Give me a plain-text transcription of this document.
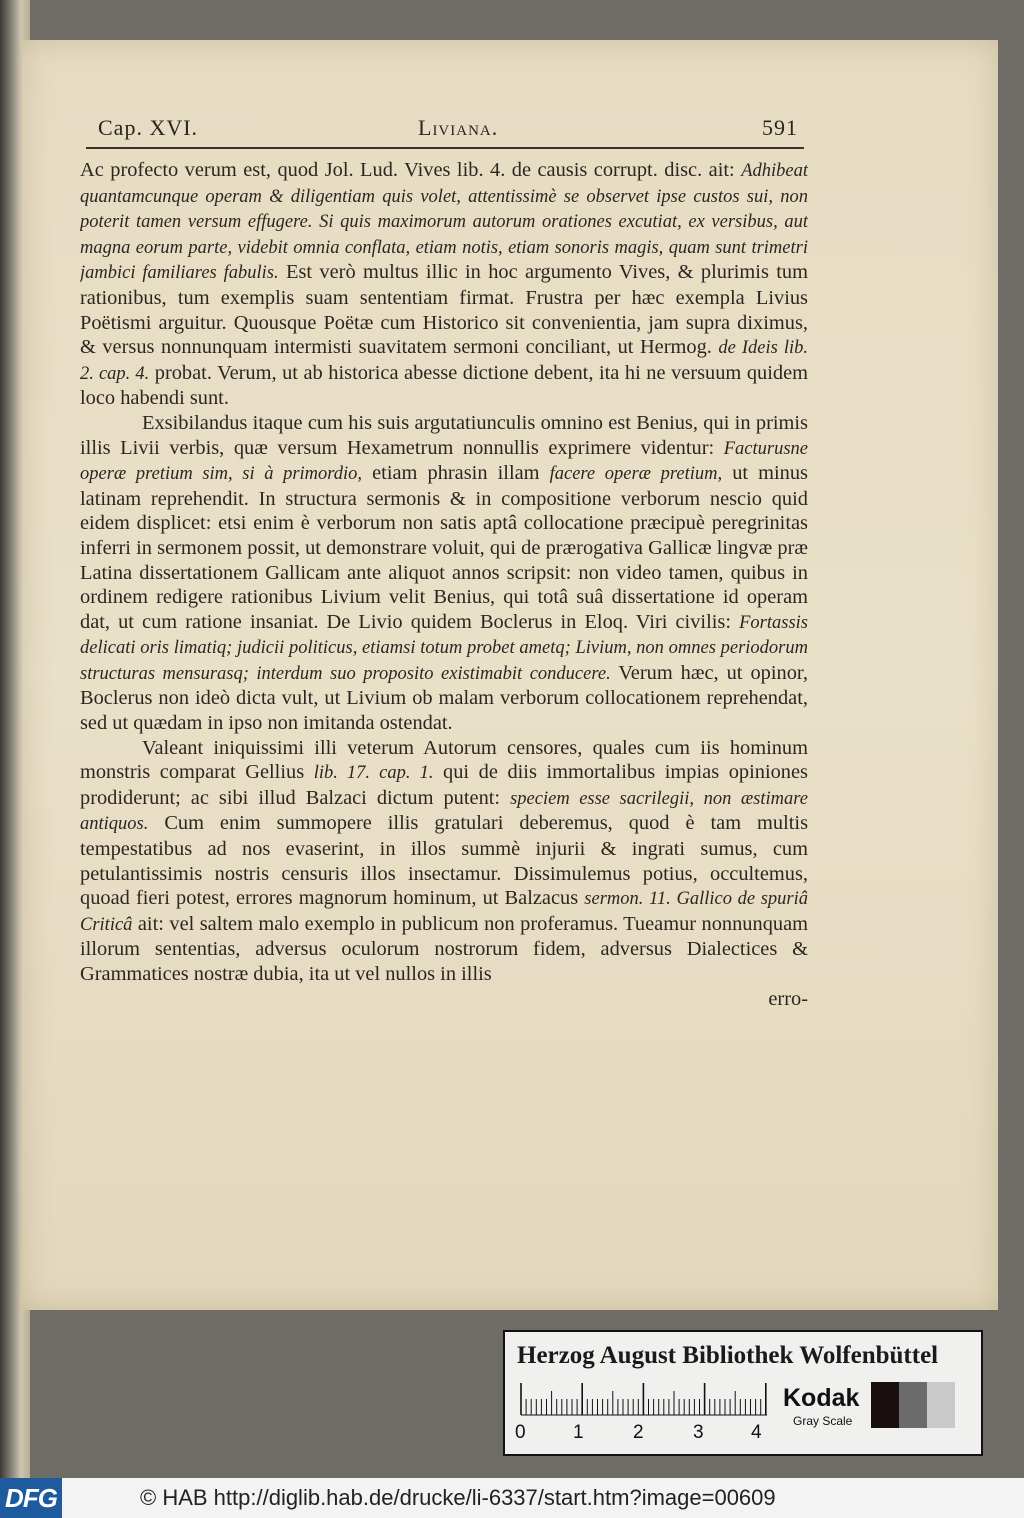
Cap. XVI.	Liviana.	591

Ac profecto verum est, quod Jol. Lud. Vives lib. 4. de causis corrupt. disc. ait: Adhibeat quantamcunque operam & diligentiam quis volet, attentissimè se observet ipse custos sui, non poterit tamen versum effugere. Si quis maximorum autorum orationes excutiat, ex versibus, aut magna eorum parte, videbit omnia conflata, etiam notis, etiam sonoris magis, quam sunt trimetri jambici familiares fabulis. Est verò multus illic in hoc argumento Vives, & plurimis tum rationibus, tum exemplis suam sententiam firmat. Frustra per hæc exempla Livius Poëtismi arguitur. Quousque Poëtæ cum Historico sit convenientia, jam supra diximus, & versus nonnunquam intermisti suavitatem sermoni conciliant, ut Hermog. de Ideis lib. 2. cap. 4. probat. Verum, ut ab historica abesse dictione debent, ita hi ne versuum quidem loco habendi sunt.

Exsibilandus itaque cum his suis argutatiunculis omnino est Benius, qui in primis illis Livii verbis, quæ versum Hexametrum nonnullis exprimere videntur: Facturusne operæ pretium sim, si à primordio, etiam phrasin illam facere operæ pretium, ut minus latinam reprehendit. In structura sermonis & in compositione verborum nescio quid eidem displicet: etsi enim è verborum non satis aptâ collocatione præcipuè peregrinitas inferri in sermonem possit, ut demonstrare voluit, qui de prærogativa Gallicæ lingvæ præ Latina dissertationem Gallicam ante aliquot annos scripsit: non video tamen, quibus in ordinem redigere rationibus Livium velit Benius, qui totâ suâ dissertatione id operam dat, ut cum ratione insaniat. De Livio quidem Boclerus in Eloq. Viri civilis: Fortassis delicati oris limatiq; judicii politicus, etiamsi totum probet ametq; Livium, non omnes periodorum structuras mensurasq; interdum suo proposito existimabit conducere. Verum hæc, ut opinor, Boclerus non ideò dicta vult, ut Livium ob malam verborum collocationem reprehendat, sed ut quædam in ipso non imitanda ostendat.

Valeant iniquissimi illi veterum Autorum censores, quales cum iis hominum monstris comparat Gellius lib. 17. cap. 1. qui de diis immortalibus impias opiniones prodiderunt; ac sibi illud Balzaci dictum putent: speciem esse sacrilegii, non æstimare antiquos. Cum enim summopere illis gratulari deberemus, quod è tam multis tempestatibus ad nos evaserint, in illos summè injurii & ingrati sumus, cum petulantissimis nostris censuris illos insectamur. Dissimulemus potius, occultemus, quoad fieri potest, errores magnorum hominum, ut Balzacus sermon. 11. Gallico de spuriâ Criticâ ait: vel saltem malo exemplo in publicum non proferamus. Tueamur nonnunquam illorum sententias, adversus oculorum nostrorum fidem, adversus Dialectices & Grammatices nostræ dubia, ita ut vel nullos in illis

erro-

Herzog August Bibliothek Wolfenbüttel
0 1	2	3 4
Kodak
Gray Scale
DFG	© HAB http://diglib.hab.de/drucke/li-6337/start.htm?image=00609
